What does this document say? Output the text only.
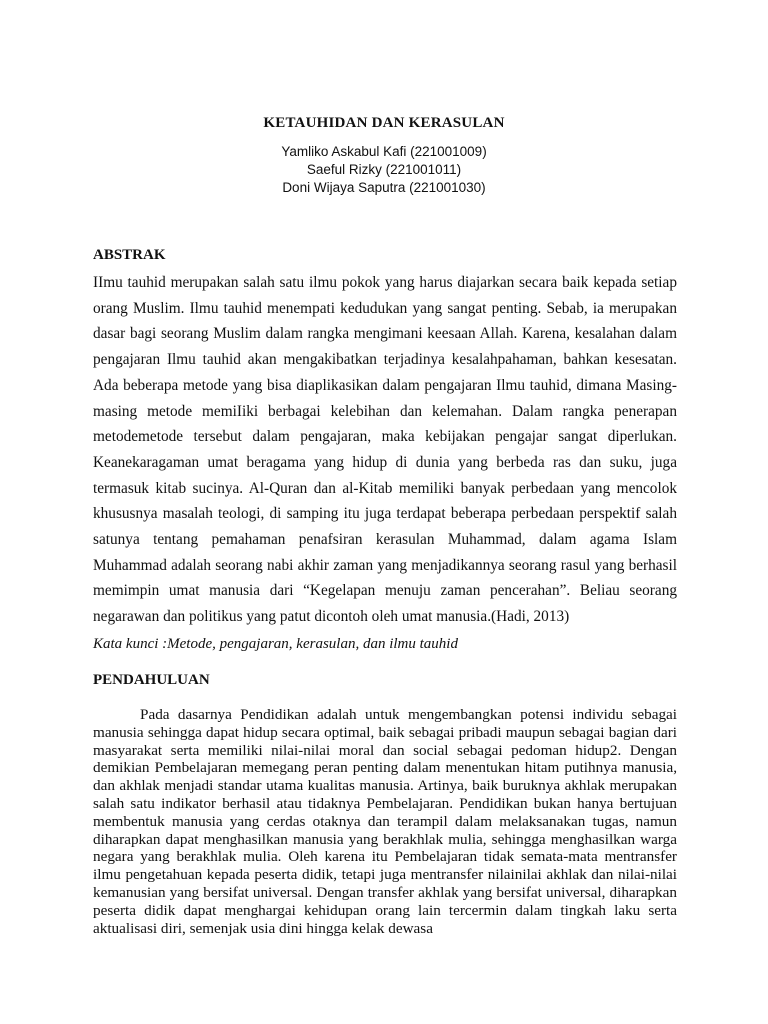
KETAUHIDAN DAN KERASULAN
Yamliko Askabul Kafi (221001009)
Saeful Rizky (221001011)
Doni Wijaya Saputra (221001030)
ABSTRAK

IImu tauhid merupakan salah satu ilmu pokok yang harus diajarkan secara baik kepada setiap orang Muslim. Ilmu tauhid menempati kedudukan yang sangat penting. Sebab, ia merupakan dasar bagi seorang Muslim dalam rangka mengimani keesaan Allah. Karena, kesalahan dalam pengajaran Ilmu tauhid akan mengakibatkan terjadinya kesalahpahaman, bahkan kesesatan. Ada beberapa metode yang bisa diaplikasikan dalam pengajaran Ilmu tauhid, dimana Masing-masing metode memiIiki berbagai kelebihan dan kelemahan. Dalam rangka penerapan metodemetode tersebut dalam pengajaran, maka kebijakan pengajar sangat diperlukan. Keanekaragaman umat beragama yang hidup di dunia yang berbeda ras dan suku, juga termasuk kitab sucinya. Al-Quran dan al-Kitab memiliki banyak perbedaan yang mencolok khususnya masalah teologi, di samping itu juga terdapat beberapa perbedaan perspektif salah satunya tentang pemahaman penafsiran kerasulan Muhammad, dalam agama Islam Muhammad adalah seorang nabi akhir zaman yang menjadikannya seorang rasul yang berhasil memimpin umat manusia dari “Kegelapan menuju zaman pencerahan”. Beliau seorang negarawan dan politikus yang patut dicontoh oleh umat manusia.(Hadi, 2013)

Kata kunci :Metode, pengajaran, kerasulan, dan ilmu tauhid
PENDAHULUAN

Pada dasarnya Pendidikan adalah untuk mengembangkan potensi individu sebagai manusia sehingga dapat hidup secara optimal, baik sebagai pribadi maupun sebagai bagian dari masyarakat serta memiliki nilai-nilai moral dan social sebagai pedoman hidup2. Dengan demikian Pembelajaran memegang peran penting dalam menentukan hitam putihnya manusia, dan akhlak menjadi standar utama kualitas manusia. Artinya, baik buruknya akhlak merupakan salah satu indikator berhasil atau tidaknya Pembelajaran. Pendidikan bukan hanya bertujuan membentuk manusia yang cerdas otaknya dan terampil dalam melaksanakan tugas, namun diharapkan dapat menghasilkan manusia yang berakhlak mulia, sehingga menghasilkan warga negara yang berakhlak mulia. Oleh karena itu Pembelajaran tidak semata-mata mentransfer ilmu pengetahuan kepada peserta didik, tetapi juga mentransfer nilainilai akhlak dan nilai-nilai kemanusian yang bersifat universal. Dengan transfer akhlak yang bersifat universal, diharapkan peserta didik dapat menghargai kehidupan orang lain tercermin dalam tingkah laku serta aktualisasi diri, semenjak usia dini hingga kelak dewasa
